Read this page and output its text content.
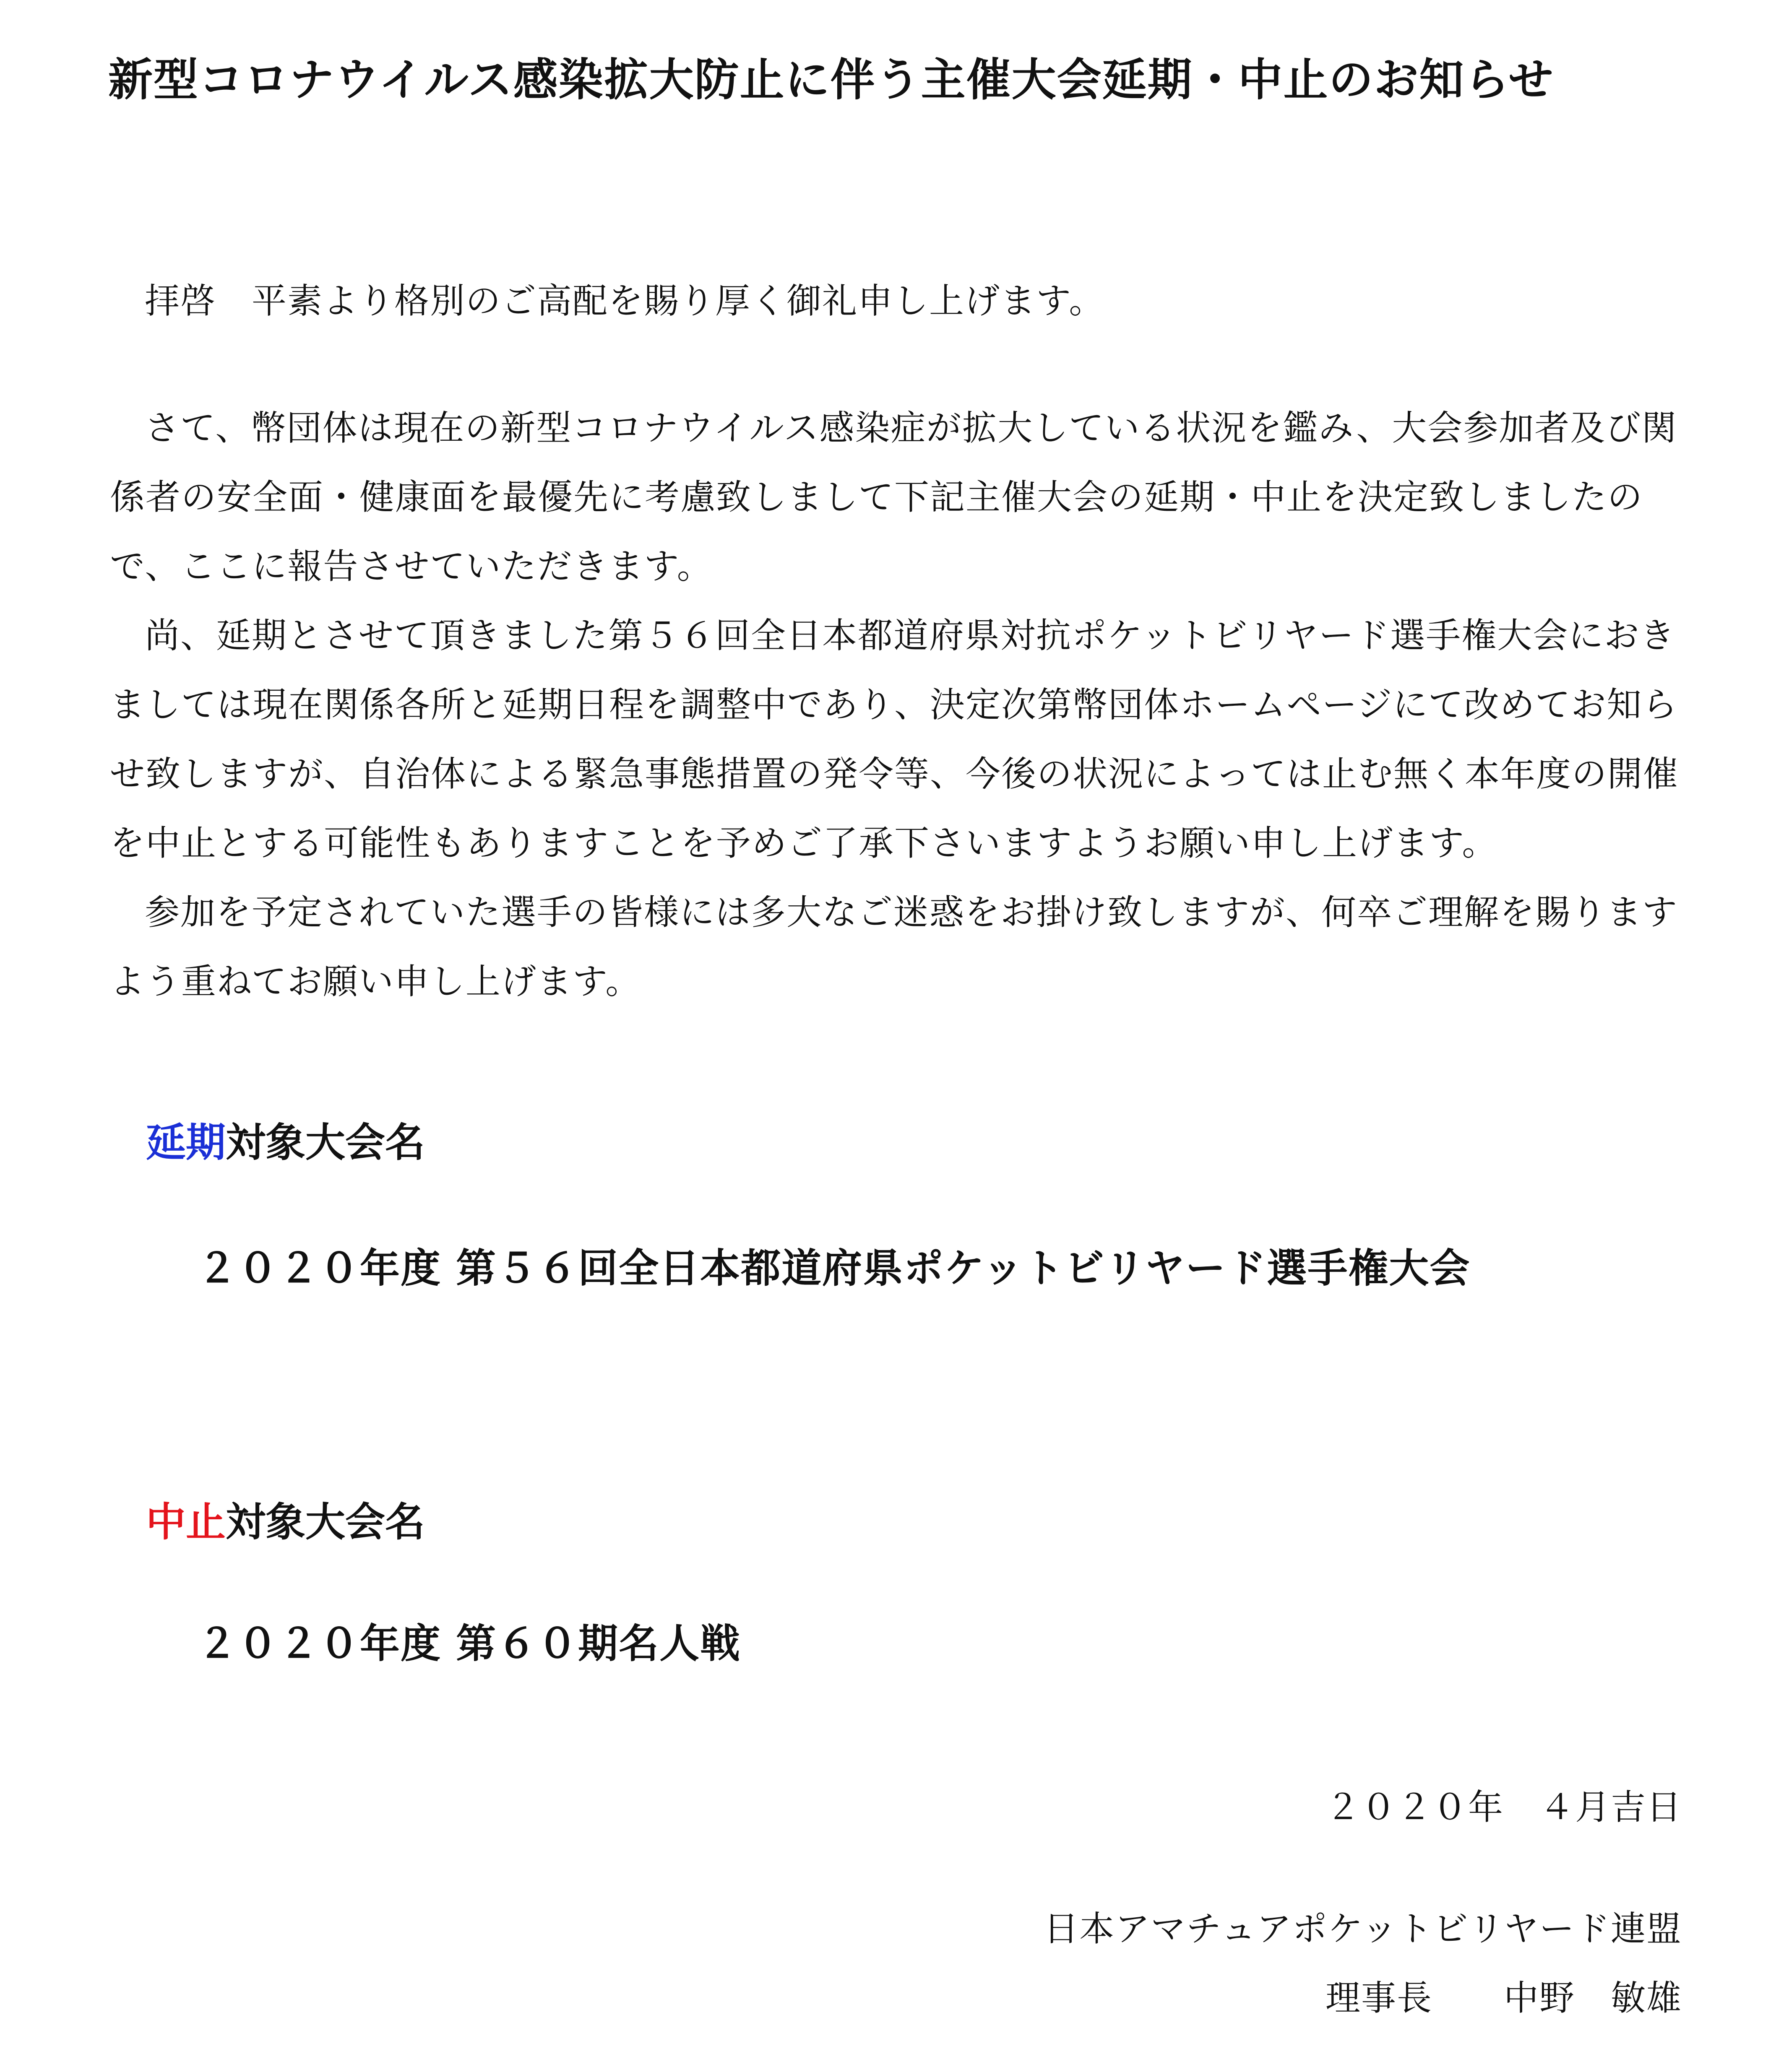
新型コロナウイルス感染拡大防止に伴う主催大会延期・中止のお知らせ

拝啓　平素より格別のご高配を賜り厚く御礼申し上げます。

さて、幣団体は現在の新型コロナウイルス感染症が拡大している状況を鑑み、大会参加者及び関係者の安全面・健康面を最優先に考慮致しまして下記主催大会の延期・中止を決定致しましたので、ここに報告させていただきます。

尚、延期とさせて頂きました第５６回全日本都道府県対抗ポケットビリヤード選手権大会におきましては現在関係各所と延期日程を調整中であり、決定次第幣団体ホームページにて改めてお知らせ致しますが、自治体による緊急事態措置の発令等、今後の状況によっては止む無く本年度の開催を中止とする可能性もありますことを予めご了承下さいますようお願い申し上げます。

参加を予定されていた選手の皆様には多大なご迷惑をお掛け致しますが、何卒ご理解を賜りますよう重ねてお願い申し上げます。

延期対象大会名
２０２０年度 第５６回全日本都道府県ポケットビリヤード選手権大会
中止対象大会名
２０２０年度 第６０期名人戦
２０２０年　４月吉日
日本アマチュアポケットビリヤード連盟
理事長 中野　敏雄
